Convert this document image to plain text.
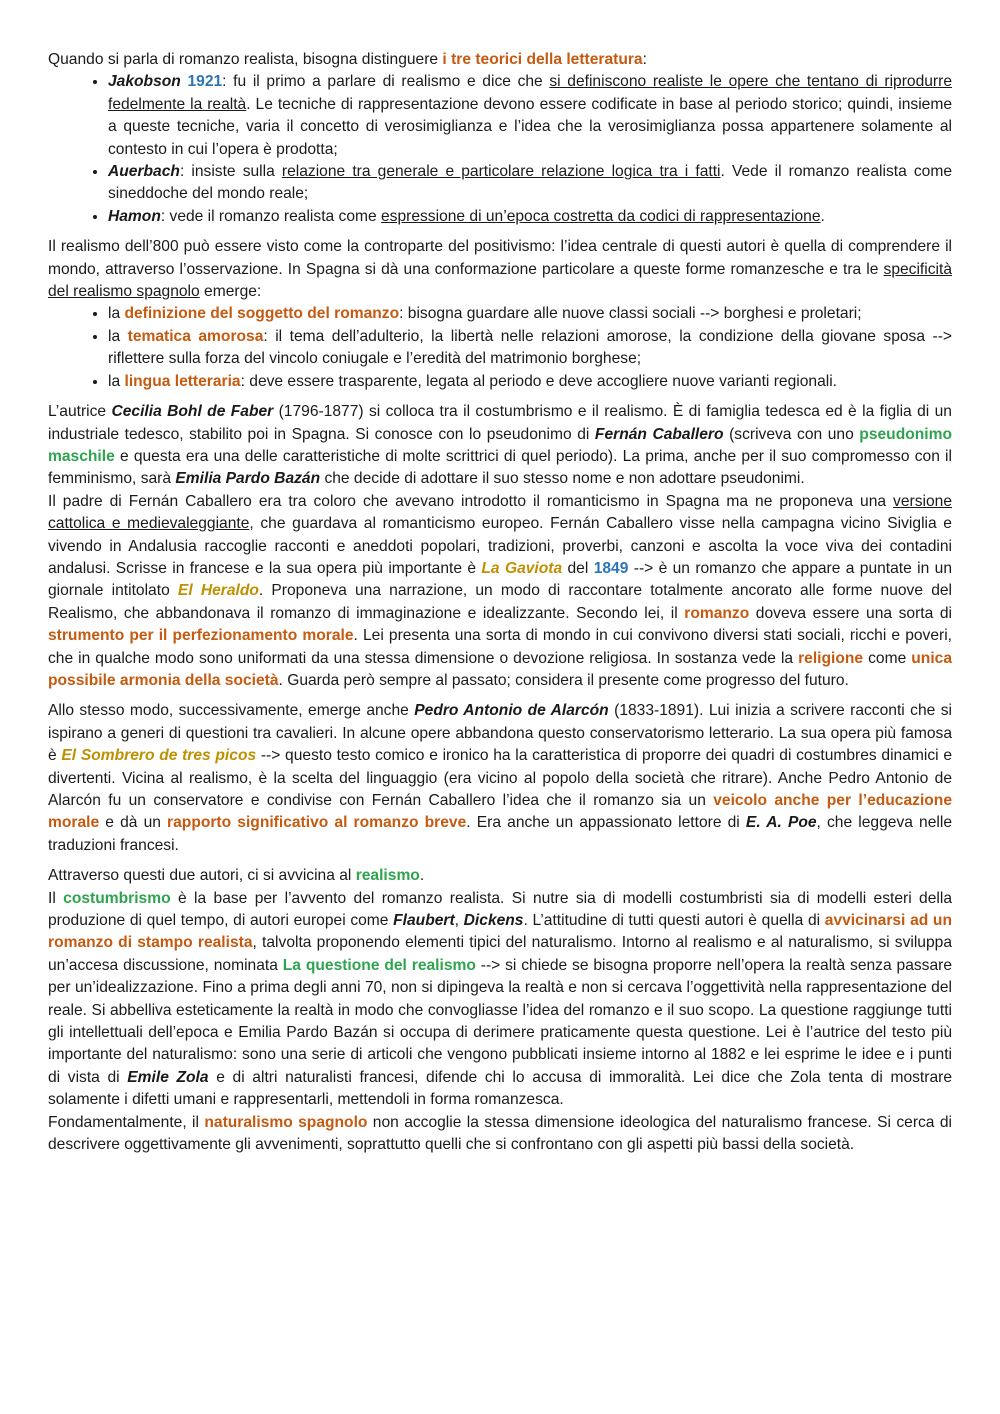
Quando si parla di romanzo realista, bisogna distinguere i tre teorici della letteratura:

• Jakobson 1921: fu il primo a parlare di realismo e dice che si definiscono realiste le opere che tentano di riprodurre fedelmente la realtà. Le tecniche di rappresentazione devono essere codificate in base al periodo storico; quindi, insieme a queste tecniche, varia il concetto di verosimiglianza e l’idea che la verosimiglianza possa appartenere solamente al contesto in cui l’opera è prodotta;
• Auerbach: insiste sulla relazione tra generale e particolare relazione logica tra i fatti. Vede il romanzo realista come sineddoche del mondo reale;
• Hamon: vede il romanzo realista come espressione di un’epoca costretta da codici di rappresentazione.

Il realismo dell’800 può essere visto come la controparte del positivismo: l’idea centrale di questi autori è quella di comprendere il mondo, attraverso l’osservazione. In Spagna si dà una conformazione particolare a queste forme romanzesche e tra le specificità del realismo spagnolo emerge:

• la definizione del soggetto del romanzo: bisogna guardare alle nuove classi sociali --> borghesi e proletari;
• la tematica amorosa: il tema dell’adulterio, la libertà nelle relazioni amorose, la condizione della giovane sposa --> riflettere sulla forza del vincolo coniugale e l’eredità del matrimonio borghese;
• la lingua letteraria: deve essere trasparente, legata al periodo e deve accogliere nuove varianti regionali.

L’autrice Cecilia Bohl de Faber (1796-1877) si colloca tra il costumbrismo e il realismo. È di famiglia tedesca ed è la figlia di un industriale tedesco, stabilito poi in Spagna. Si conosce con lo pseudonimo di Fernán Caballero (scriveva con uno pseudonimo maschile e questa era una delle caratteristiche di molte scrittrici di quel periodo). La prima, anche per il suo compromesso con il femminismo, sarà Emilia Pardo Bazán che decide di adottare il suo stesso nome e non adottare pseudonimi.

Il padre di Fernán Caballero era tra coloro che avevano introdotto il romanticismo in Spagna ma ne proponeva una versione cattolica e medievaleggiante, che guardava al romanticismo europeo. Fernán Caballero visse nella campagna vicino Siviglia e vivendo in Andalusia raccoglie racconti e aneddoti popolari, tradizioni, proverbi, canzoni e ascolta la voce viva dei contadini andalusi. Scrisse in francese e la sua opera più importante è La Gaviota del 1849 --> è un romanzo che appare a puntate in un giornale intitolato El Heraldo. Proponeva una narrazione, un modo di raccontare totalmente ancorato alle forme nuove del Realismo, che abbandonava il romanzo di immaginazione e idealizzante. Secondo lei, il romanzo doveva essere una sorta di strumento per il perfezionamento morale. Lei presenta una sorta di mondo in cui convivono diversi stati sociali, ricchi e poveri, che in qualche modo sono uniformati da una stessa dimensione o devozione religiosa. In sostanza vede la religione come unica possibile armonia della società. Guarda però sempre al passato; considera il presente come progresso del futuro.

Allo stesso modo, successivamente, emerge anche Pedro Antonio de Alarcón (1833-1891). Lui inizia a scrivere racconti che si ispirano a generi di questioni tra cavalieri. In alcune opere abbandona questo conservatorismo letterario. La sua opera più famosa è El Sombrero de tres picos --> questo testo comico e ironico ha la caratteristica di proporre dei quadri di costumbres dinamici e divertenti. Vicina al realismo, è la scelta del linguaggio (era vicino al popolo della società che ritrare). Anche Pedro Antonio de Alarcón fu un conservatore e condivise con Fernán Caballero l’idea che il romanzo sia un veicolo anche per l’educazione morale e dà un rapporto significativo al romanzo breve. Era anche un appassionato lettore di E. A. Poe, che leggeva nelle traduzioni francesi.

Attraverso questi due autori, ci si avvicina al realismo.

Il costumbrismo è la base per l’avvento del romanzo realista. Si nutre sia di modelli costumbristi sia di modelli esteri della produzione di quel tempo, di autori europei come Flaubert, Dickens. L’attitudine di tutti questi autori è quella di avvicinarsi ad un romanzo di stampo realista, talvolta proponendo elementi tipici del naturalismo. Intorno al realismo e al naturalismo, si sviluppa un’accesa discussione, nominata La questione del realismo --> si chiede se bisogna proporre nell’opera la realtà senza passare per un’idealizzazione. Fino a prima degli anni 70, non si dipingeva la realtà e non si cercava l’oggettività nella rappresentazione del reale. Si abbelliva esteticamente la realtà in modo che convogliasse l’idea del romanzo e il suo scopo. La questione raggiunge tutti gli intellettuali dell’epoca e Emilia Pardo Bazán si occupa di derimere praticamente questa questione. Lei è l’autrice del testo più importante del naturalismo: sono una serie di articoli che vengono pubblicati insieme intorno al 1882 e lei esprime le idee e i punti di vista di Emile Zola e di altri naturalisti francesi, difende chi lo accusa di immoralità. Lei dice che Zola tenta di mostrare solamente i difetti umani e rappresentarli, mettendoli in forma romanzesca.

Fondamentalmente, il naturalismo spagnolo non accoglie la stessa dimensione ideologica del naturalismo francese. Si cerca di descrivere oggettivamente gli avvenimenti, soprattutto quelli che si confrontano con gli aspetti più bassi della società.
